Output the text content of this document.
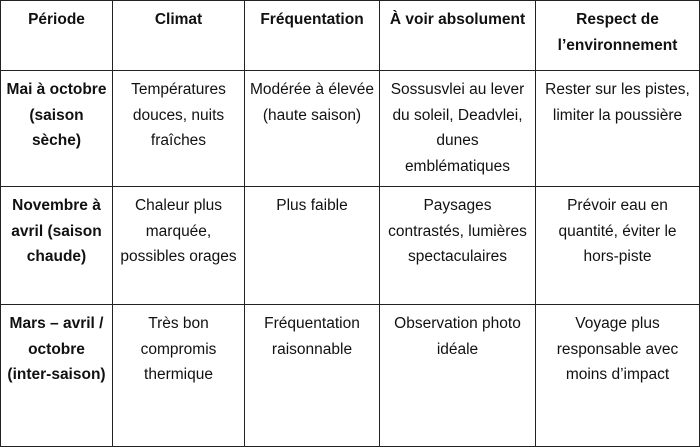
Période	Climat	Fréquentation	À voir absolument	Respect de l’environnement
Mai à octobre (saison sèche)	Températures douces, nuits fraîches	Modérée à élevée (haute saison)	Sossusvlei au lever du soleil, Deadvlei, dunes emblématiques	Rester sur les pistes, limiter la poussière
Novembre à avril (saison chaude)	Chaleur plus marquée, possibles orages	Plus faible	Paysages contrastés, lumières spectaculaires	Prévoir eau en quantité, éviter le hors-piste
Mars – avril / octobre (inter-saison)	Très bon compromis thermique	Fréquentation raisonnable	Observation photo idéale	Voyage plus responsable avec moins d’impact
